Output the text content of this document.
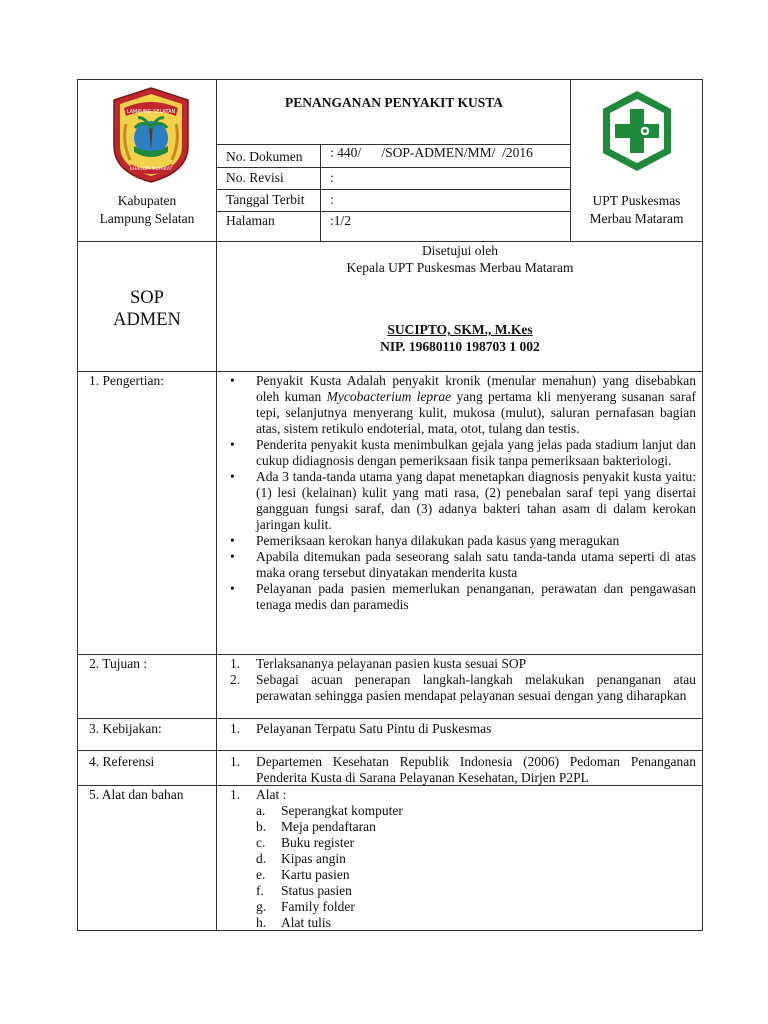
LAMPUNG SELATAN
KHAGOM MUFAKAT
Kabupaten
Lampung Selatan
UPT Puskesmas
Merbau Mataram
PENANGANAN PENYAKIT KUSTA
No. Dokumen : 440/      /SOP-ADMEN/MM/  /2016
No. Revisi	:
Tanggal Terbit :
Halaman	:1/2
SOP
ADMEN
Disetujui oleh
Kepala UPT Puskesmas Merbau Mataram
SUCIPTO, SKM., M.Kes
NIP. 19680110 198703 1 002
1. Pengertian:	•	Penyakit Kusta Adalah penyakit kronik (menular menahun) yang disebabkan oleh kuman Mycobacterium leprae yang pertama kli menyerang susanan saraf tepi, selanjutnya menyerang kulit, mukosa (mulut), saluran pernafasan bagian atas, sistem retikulo endoterial, mata, otot, tulang dan testis.
•	Penderita penyakit kusta menimbulkan gejala yang jelas pada stadium lanjut dan cukup didiagnosis dengan pemeriksaan fisik tanpa pemeriksaan bakteriologi.
•	Ada 3 tanda-tanda utama yang dapat menetapkan diagnosis penyakit kusta yaitu: (1) lesi (kelainan) kulit yang mati rasa, (2) penebalan saraf tepi yang disertai gangguan fungsi saraf, dan (3) adanya bakteri tahan asam di dalam kerokan jaringan kulit.
•	Pemeriksaan kerokan hanya dilakukan pada kasus yang meragukan
•	Apabila ditemukan pada seseorang salah satu tanda-tanda utama seperti di atas maka orang tersebut dinyatakan menderita kusta
•	Pelayanan pada pasien memerlukan penanganan, perawatan dan pengawasan tenaga medis dan paramedis
2. Tujuan :	1.	Terlaksananya pelayanan pasien kusta sesuai SOP
2.	Sebagai acuan penerapan langkah-langkah melakukan penanganan atau perawatan sehingga pasien mendapat pelayanan sesuai dengan yang diharapkan
3. Kebijakan:	1.	Pelayanan Terpatu Satu Pintu di Puskesmas
4. Referensi	1.	Departemen Kesehatan Republik Indonesia (2006) Pedoman Penanganan Penderita Kusta di Sarana Pelayanan Kesehatan, Dirjen P2PL
5. Alat dan bahan	1.	Alat :
a.	Seperangkat komputer
b.	Meja pendaftaran
c.	Buku register
d.	Kipas angin
e.	Kartu pasien
f.	Status pasien
g.	Family folder
h.	Alat tulis
